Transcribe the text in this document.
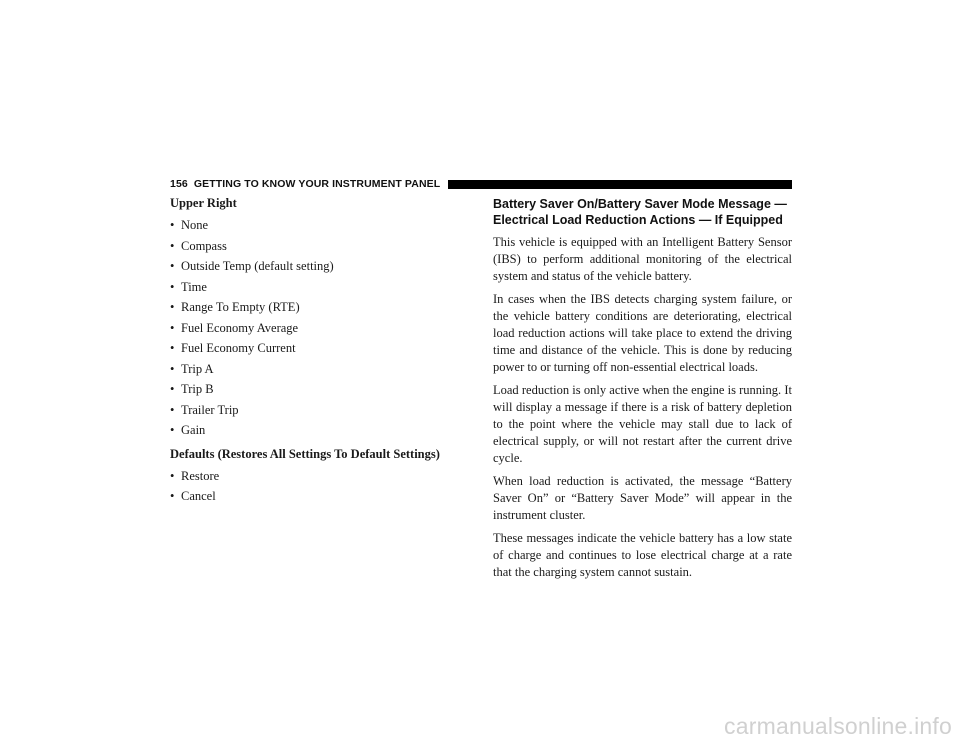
156 GETTING TO KNOW YOUR INSTRUMENT PANEL
Upper Right
• None
• Compass
• Outside Temp (default setting)
• Time
• Range To Empty (RTE)
• Fuel Economy Average
• Fuel Economy Current
• Trip A
• Trip B
• Trailer Trip
• Gain
Defaults (Restores All Settings To Default Settings)
• Restore
• Cancel
Battery Saver On/Battery Saver Mode Message — Electrical Load Reduction Actions — If Equipped

This vehicle is equipped with an Intelligent Battery Sensor (IBS) to perform additional monitoring of the electrical system and status of the vehicle battery.

In cases when the IBS detects charging system failure, or the vehicle battery conditions are deteriorating, electrical load reduction actions will take place to extend the driving time and distance of the vehicle. This is done by reducing power to or turning off non-essential electrical loads.

Load reduction is only active when the engine is running. It will display a message if there is a risk of battery depletion to the point where the vehicle may stall due to lack of electrical supply, or will not restart after the current drive cycle.

When load reduction is activated, the message “Battery Saver On” or “Battery Saver Mode” will appear in the instrument cluster.

These messages indicate the vehicle battery has a low state of charge and continues to lose electrical charge at a rate that the charging system cannot sustain.

carmanualsonline.info
